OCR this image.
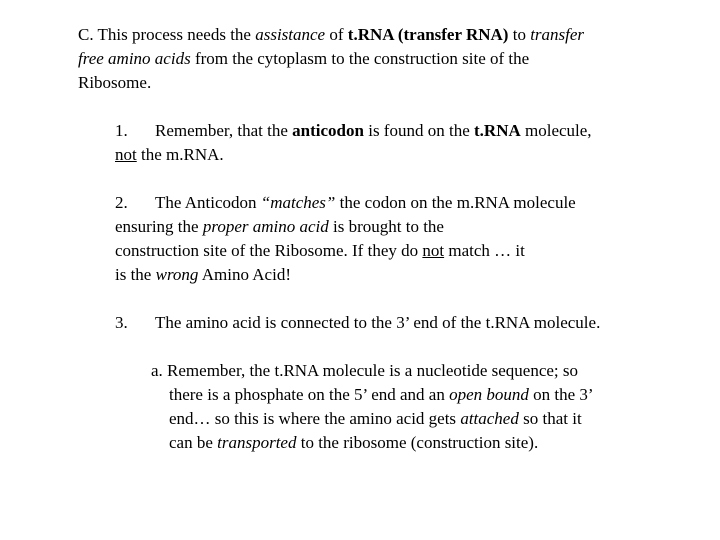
C. This process needs the assistance of t.RNA (transfer RNA) to transfer
free amino acids from the cytoplasm to the construction site of the
Ribosome.

1. Remember, that the anticodon is found on the t.RNA molecule,
not the m.RNA.

2. The Anticodon “matches” the codon on the m.RNA molecule
ensuring the proper amino acid is brought to the
construction site of the Ribosome. If they do not match … it
is the wrong Amino Acid!

3. The amino acid is connected to the 3’ end of the t.RNA molecule.

a. Remember, the t.RNA molecule is a nucleotide sequence; so
there is a phosphate on the 5’ end and an open bound on the 3’
end… so this is where the amino acid gets attached so that it
can be transported to the ribosome (construction site).
